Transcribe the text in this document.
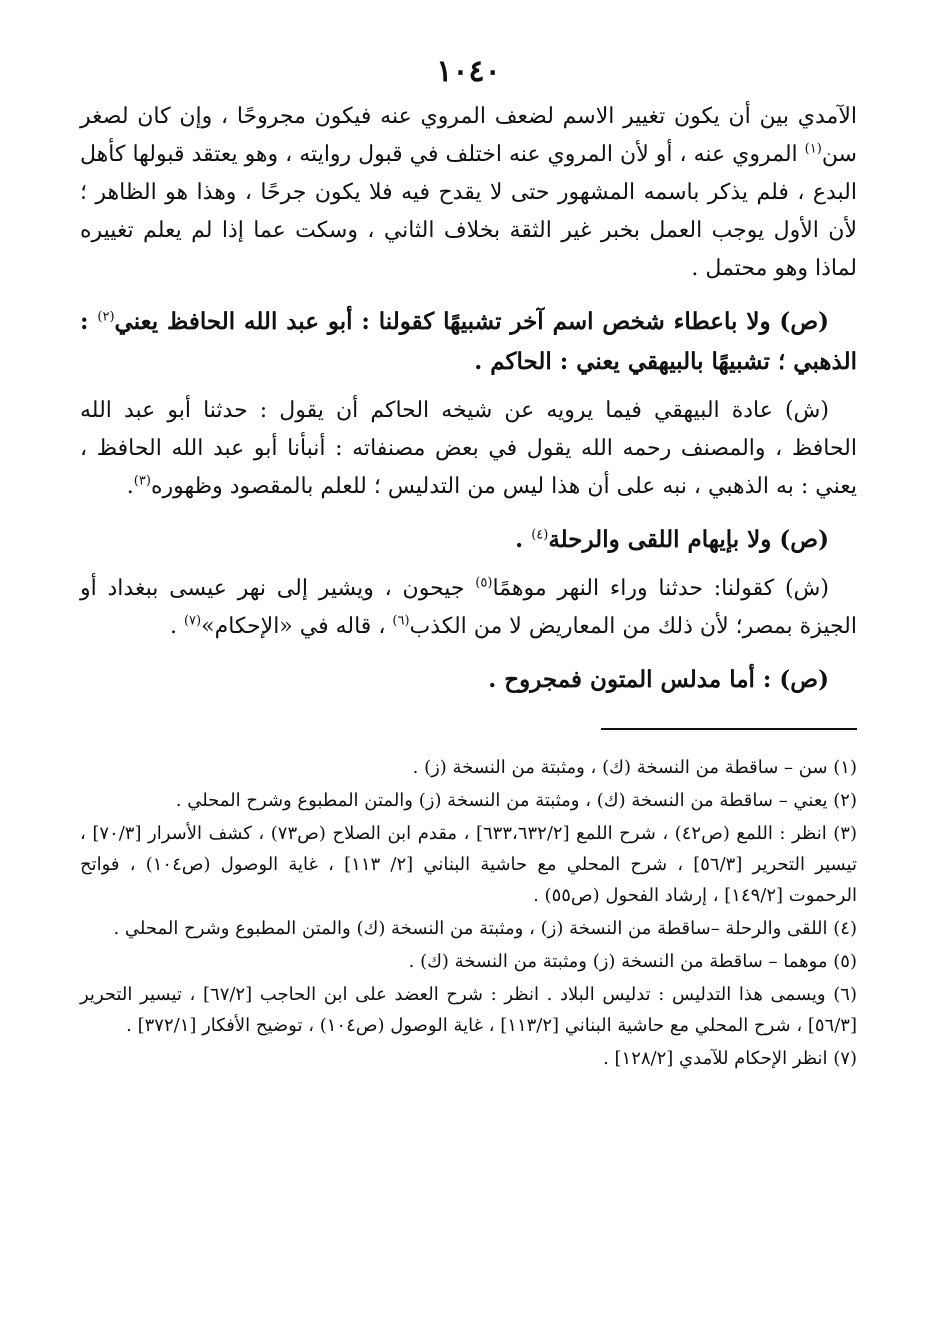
١٠٤٠

الآمدي بين أن يكون تغيير الاسم لضعف المروي عنه فيكون مجروحًا ، وإن كان لصغر سن$^{(١)}$ المروي عنه ، أو لأن المروي عنه اختلف في قبول روايته ، وهو يعتقد قبولها كأهل البدع ، فلم يذكر باسمه المشهور حتى لا يقدح فيه فلا يكون جرحًا ، وهذا هو الظاهر ؛ لأن الأول يوجب العمل بخبر غير الثقة بخلاف الثاني ، وسكت عما إذا لم يعلم تغييره لماذا وهو محتمل .

(ص) ولا باعطاء شخص اسم آخر تشبيهًا كقولنا : أبو عبد الله الحافظ يعني$^{(٢)}$ : الذهبي ؛ تشبيهًا بالبيهقي يعني : الحاكم .

(ش) عادة البيهقي فيما يرويه عن شيخه الحاكم أن يقول : حدثنا أبو عبد الله الحافظ ، والمصنف رحمه الله يقول في بعض مصنفاته : أنبأنا أبو عبد الله الحافظ ، يعني : به الذهبي ، نبه على أن هذا ليس من التدليس ؛ للعلم بالمقصود وظهوره$^{(٣)}$.

(ص) ولا بإيهام اللقى والرحلة$^{(٤)}$ .

(ش) كقولنا: حدثنا وراء النهر موهمًا$^{(٥)}$ جيحون ، ويشير إلى نهر عيسى ببغداد أو الجيزة بمصر؛ لأن ذلك من المعاريض لا من الكذب$^{(٦)}$ ، قاله في «الإحكام»$^{(٧)}$ .

(ص) : أما مدلس المتون فمجروح .

(١) سن – ساقطة من النسخة (ك) ، ومثبتة من النسخة (ز) .

(٢) يعني – ساقطة من النسخة (ك) ، ومثبتة من النسخة (ز) والمتن المطبوع وشرح المحلي .

(٣) انظر : اللمع (ص٤٢) ، شرح اللمع [٦٣٣،٦٣٢/٢] ، مقدم ابن الصلاح (ص٧٣) ، كشف الأسرار [٧٠/٣] ، تيسير التحرير [٥٦/٣] ، شرح المحلي مع حاشية البناني [٢/ ١١٣] ، غاية الوصول (ص١٠٤) ، فواتح الرحموت [١٤٩/٢] ، إرشاد الفحول (ص٥٥) .

(٤) اللقى والرحلة –ساقطة من النسخة (ز) ، ومثبتة من النسخة (ك) والمتن المطبوع وشرح المحلي .

(٥) موهما – ساقطة من النسخة (ز) ومثبتة من النسخة (ك) .

(٦) ويسمى هذا التدليس : تدليس البلاد . انظر : شرح العضد على ابن الحاجب [٦٧/٢] ، تيسير التحرير [٥٦/٣] ، شرح المحلي مع حاشية البناني [١١٣/٢] ، غاية الوصول (ص١٠٤) ، توضيح الأفكار [٣٧٢/١] .

(٧) انظر الإحكام للآمدي [١٢٨/٢] .
